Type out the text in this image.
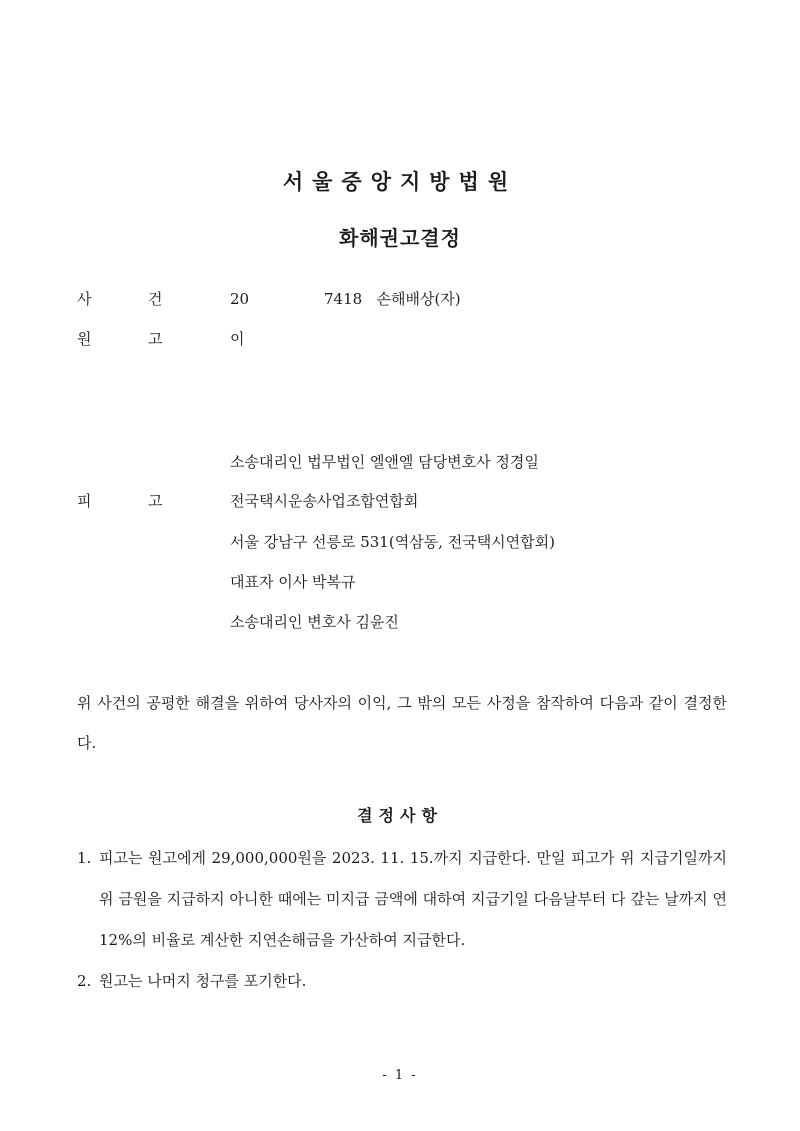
서울중앙지방법원
화해권고결정
사	건	20	7418   손해배상(자)
원	고	이
소송대리인 법무법인 엘앤엘 담당변호사 정경일
피	고	전국택시운송사업조합연합회
서울 강남구 선릉로 531(역삼동, 전국택시연합회)
대표자 이사 박복규
소송대리인 변호사 김윤진
위 사건의 공평한 해결을 위하여 당사자의 이익, 그 밖의 모든 사정을 참작하여 다음과 같이 결정한다.
결정사항
1. 피고는 원고에게 29,000,000원을 2023. 11. 15.까지 지급한다. 만일 피고가 위 지급기일까지 위 금원을 지급하지 아니한 때에는 미지급 금액에 대하여 지급기일 다음날부터 다 갚는 날까지 연 12%의 비율로 계산한 지연손해금을 가산하여 지급한다.
2. 원고는 나머지 청구를 포기한다.
- 1 -
